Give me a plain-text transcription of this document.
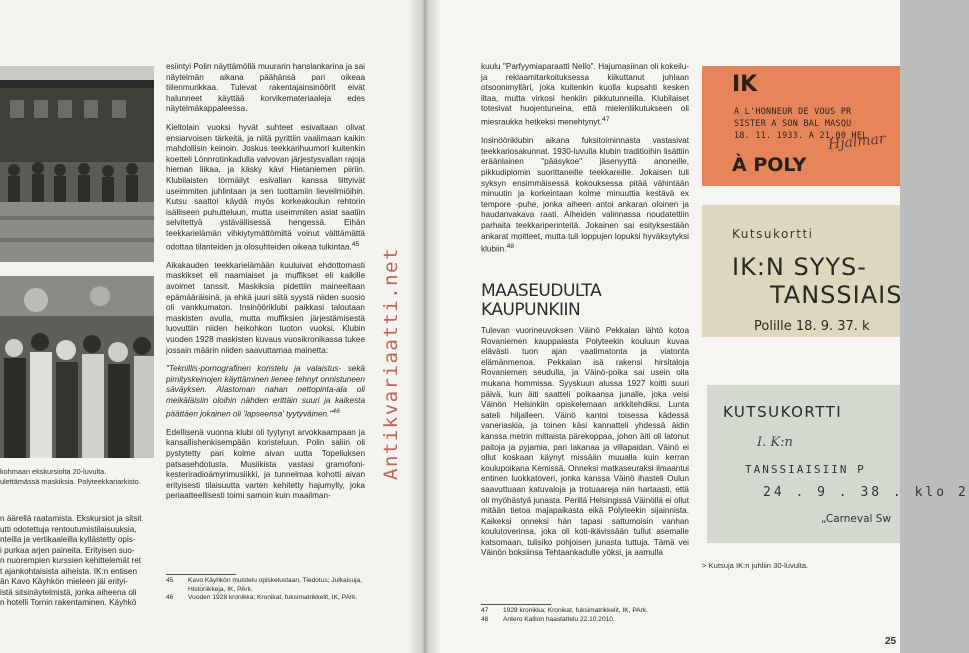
kohmaan ekskursiolta 20-luvulta.
ulettämässä maskiksia. Polyteekkariarkisto.
n äärellä raatamista. Ekskursiot ja sitsit
utti odotettuja rentoutumistilaisuuksia,
nteilla ja vertikaaleilla kyllästetty opis-
i purkaa arjen paineita. Erityisen suo-
n nuorempien kurssien kehittelemät ret
t ajankohtaisista aiheista. IK:n entisen
än Kavo Käyhkön mieleen jäi erityi-
istä sitsinäytelmistä, jonka aiheena oli
n hotelli Tornin rakentaminen. Käyhkö

esiintyi Polin näyttämöllä muurarin hanslankarina ja sai näytelmän aikana päähänsä pari oikeaa tiilenmurikkaa. Tulevat rakentajainsinöörit eivät halunneet käyttää korvikemateriaaleja edes näytelmäkappaleessa.

Kieltolain vuoksi hyvät suhteet esivaltaan olivat ensiarvoisen tärkeitä, ja niitä pyrittiin vaalimaan kaikin mahdollisin keinoin. Joskus teekkarihuumori kuitenkin koetteli Lönnrotinkadulla valvovan järjestysvallan rajoja hieman liikaa, ja käsky kävi Hietaniemen piiriin. Klubilaisten törmäilyt esivallan kanssa liittyivät useimmiten juhlintaan ja sen tuottamiin lieveilmiöihin. Kutsu saattoi käydä myös korkeakoulun rehtorin isälliseen puhutteluun, mutta useimmiten asiat saatiin selvitettyä ystävällisessä hengessä. Eihän teekkarielämän vihkiytymättömiltä voinut välttämättä odottaa tilanteiden ja olosuhteiden oikeaa tulkintaa.$^{45}$

Aikakauden teekkarielämään kuuluivat ehdottomasti maskikset eli naamiaiset ja muffikset eli kaikille avoimet tanssit. Maskiksia pidettiin maineeltaan epämääräisinä, ja ehkä juuri siitä syystä niiden suosio oli vankkumaton. Insinööriklubi paikkasi taloutaan maskisten avulla, mutta muffiksien järjestämisestä luovuttiin niiden heikohkon tuoton vuoksi. Klubin vuoden 1928 maskisten kuvaus vuosikronikassa tukee jossain määrin niiden saavuttamaa mainetta:

"Teknillis-pornografinen koristelu ja valaistus- sekä pimityskeinojen käyttäminen lienee tehnyt onnistuneen säväyksen. Alastoman nahan nettopinta-ala oli meikäläisiin oloihin nähden erittäin suuri ja kaikesta päättäen jokainen oli 'lapseensa' tyytyväinen."$^{46}$

Edellisenä vuonna klubi oli tyytynyt arvokkaampaan ja kansallishenkisempään koristeluun. Polin saliin oli pystytetty pari kolme aivan uutta Topeliuksen patsasehdotusta. Musiikista vastasi gramofonikesteriradioämyrimusiikki, ja tunnelmaa kohotti aivan erityisesti tilaisuutta varten kehitetty hajumylly, joka periaatteellisesti toimi samoin kuin maailman-

45	Kavo Käyhkön muistelu opiskelustaan, Tiedotus; Julkaisuja, Historiikkeja, IK, PArk.
46	Vuoden 1928 kronikka; Kronikat, fuksimatrikkelit, IK, PArk.

kuulu "Parfyymiaparaatti Nello". Hajumasiinan oli kokeilu- ja reklaamitarkoituksessa kiikuttanut juhlaan otsoonimyllärí, joka kuitenkin kuolla kupsahti kesken iltaa, mutta virkosi henkiin pikkutunneilla. Klubilaiset totesivat huojentuneina, että mielenliikutukseen oli miesraukka hetkeksi menehtynyt.$^{47}$

Insinööriklubin aikana fuksitoiminnasta vastasivat teekkariosakunnat. 1930-luvulla klubin traditioihin lisättiin eräänlainen "pääsykoe" jäsenyyttä anoneille, pikkudiplomin suorittaneille teekkareille. Jokaisen tuli syksyn ensimmäisessä kokouksessa pitää vähintään minuutin ja korkeintaan kolme minuuttia kestävä ex tempore -puhe, jonka aiheen antoi ankaran oloinen ja haudanvakava raati. Aiheiden valinnassa noudatettiin parhaita teekkariperinteitä. Jokainen sai esityksestään ankarat moitteet, mutta tuli loppujen lopuksi hyväksytyksi klubiin.$^{48}$

Tulevan vuorineuvoksen Väinö Pekkalan lähtö kotoa Rovaniemen kauppalasta Polyteekin kouluun kuvaa elävästi tuon ajan vaatimatonta ja viatonta elämänmenoa. Pekkalan isä rakensi hirsitaloja Rovaniemen seudulla, ja Väinö-poika sai usein olla mukana hommissa. Syyskuun alussa 1927 koitti suuri päivä, kun äiti saatteli poikaansa junalle, joka veisi Väinön Helsinkiin opiskelemaan arkkitehdiksi. Lunta sateli hiljalleen. Väinö kantoi toisessa kädessä vaneriaskia, ja toinen käsi kannatteli yhdessä äidin kanssa metrin mittaista pärekoppaa, johon äiti oli latonut paitoja ja pyjamia, pari lakanaa ja villapaidan. Väinö ei ollut koskaan käynyt missään muualla kuin kerran koulupoikana Kemissä. Onneksi matkaseuraksi ilmaantui entinen luokkatoveri, jonka kanssa Väinö ihasteli Oulun saavuttuaan katuvaloja ja trotuaareja niin hartaasti, että oli myöhästyä junasta. Perillä Helsingissä Väinöllä ei ollut mitään tietoa majapaikasta eikä Polyteekin sijainnista. Kaikeksi onneksi hän tapasi sattumoisin vanhan koulutoverinsa, joka oli koti-ikävissään tullut asemalle katsomaan, tulisiko pohjoisen junasta tuttuja. Tämä vei Väinön boksiinsa Tehtaankadulle yöksi, ja aamulla

47	1928 kronikka; Kronikat, fuksimatrikkelit, IK, PArk.
48	Antero Kallion haastattelu 22.10.2010.
MAASEUDULTA
KAUPUNKIIN
Antikvariaatti.net
IK
A L'HONNEUR DE VOUS PR
SISTER A SON BAL MASQU
18. 11. 1933. A 21.00 HEL
Hjalmar
À POLY
Kutsukortti
IK:N SYYS-
TANSSIAIS
Polille 18. 9. 37. k
KUTSUKORTTI
I. K:n
TANSSIAISIIN P
24 . 9 . 38 . klo 2
„Carneval Sw
> Kutsuja IK:n juhliin 30-luvulta.
25
